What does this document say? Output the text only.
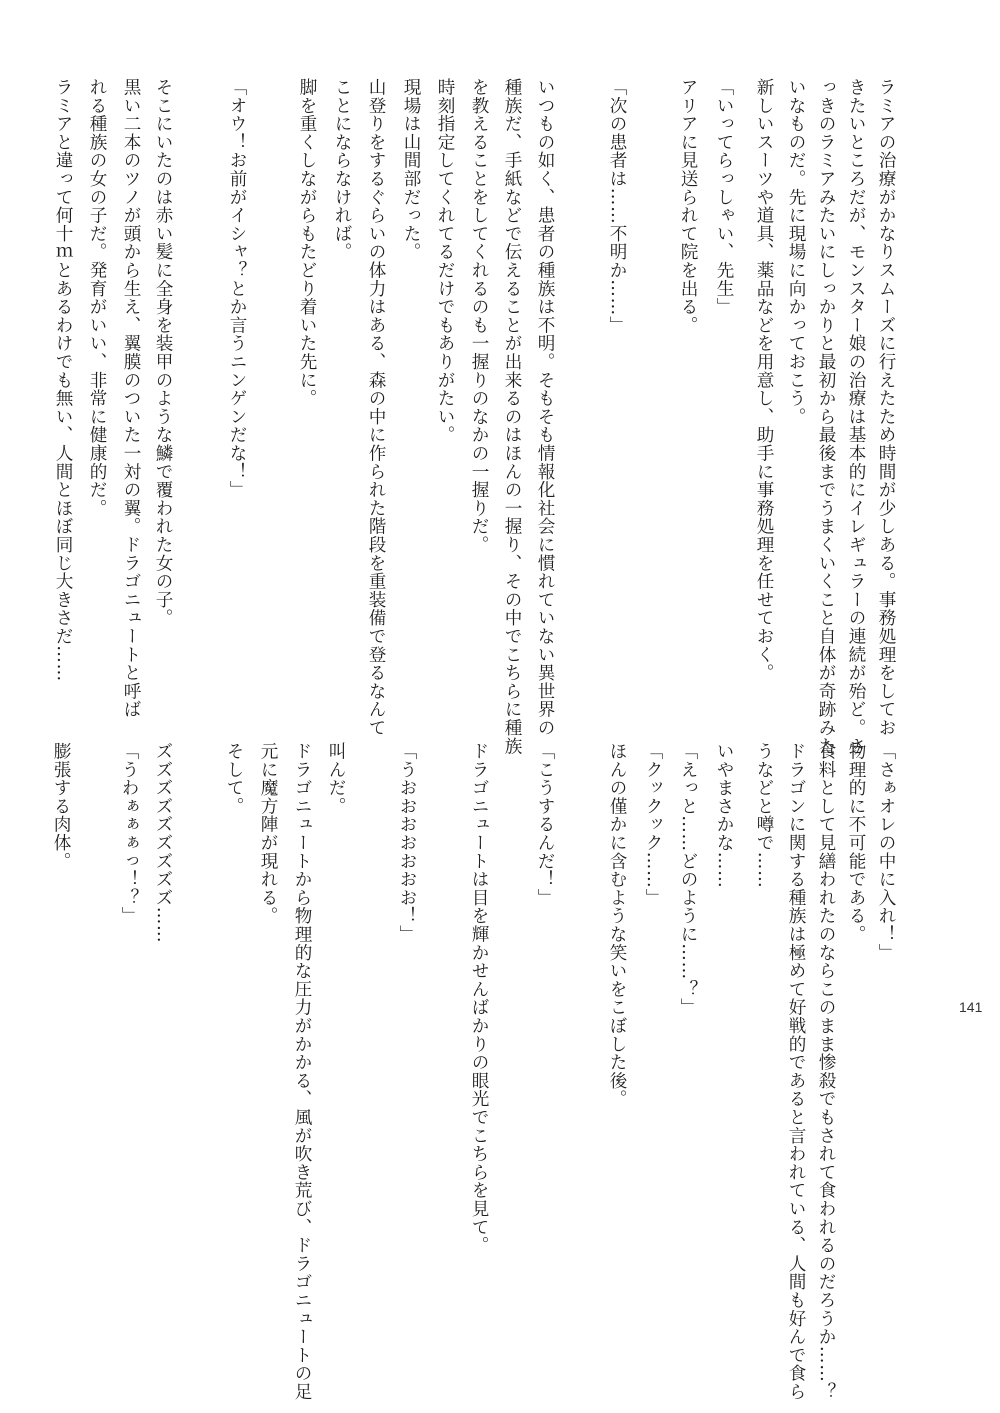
ラミアの治療がかなりスムーズに行えたため時間が少しある。事務処理をしてお
きたいところだが、モンスター娘の治療は基本的にイレギュラーの連続が殆ど。さ
っきのラミアみたいにしっかりと最初から最後までうまくいくこと自体が奇跡みた
いなものだ。先に現場に向かっておこう。
新しいスーツや道具、薬品などを用意し、助手に事務処理を任せておく。
「いってらっしゃい、先生」
アリアに見送られて院を出る。
「次の患者は……不明か……」
いつもの如く、患者の種族は不明。そもそも情報化社会に慣れていない異世界の
種族だ、手紙などで伝えることが出来るのはほんの一握り、その中でこちらに種族
を教えることをしてくれるのも一握りのなかの一握りだ。
時刻指定してくれてるだけでもありがたい。
現場は山間部だった。
山登りをするぐらいの体力はある、森の中に作られた階段を重装備で登るなんて
ことにならなければ。
脚を重くしながらもたどり着いた先に。
「オウ！お前がイシャ？とか言うニンゲンだな！」
そこにいたのは赤い髪に全身を装甲のような鱗で覆われた女の子。
黒い二本のツノが頭から生え、翼膜のついた一対の翼。ドラゴニュートと呼ば
れる種族の女の子だ。発育がいい、非常に健康的だ。
ラミアと違って何十ｍとあるわけでも無い、人間とほぼ同じ大きさだ……
「さぁオレの中に入れ！」
物理的に不可能である。
食料として見繕われたのならこのまま惨殺でもされて食われるのだろうか……？
ドラゴンに関する種族は極めて好戦的であると言われている、人間も好んで食ら
うなどと噂で……
いやまさかな……
「えっと……どのように……？」
「クックック……」
ほんの僅かに含むような笑いをこぼした後。
「こうするんだ！」
ドラゴニュートは目を輝かせんばかりの眼光でこちらを見て。
「うおおおおおおお！」
叫んだ。
ドラゴニュートから物理的な圧力がかかる、風が吹き荒び、ドラゴニュートの足
元に魔方陣が現れる。
そして。
ズズズズズズズズズ……
「うわぁぁぁっ！？」
膨張する肉体。
141
